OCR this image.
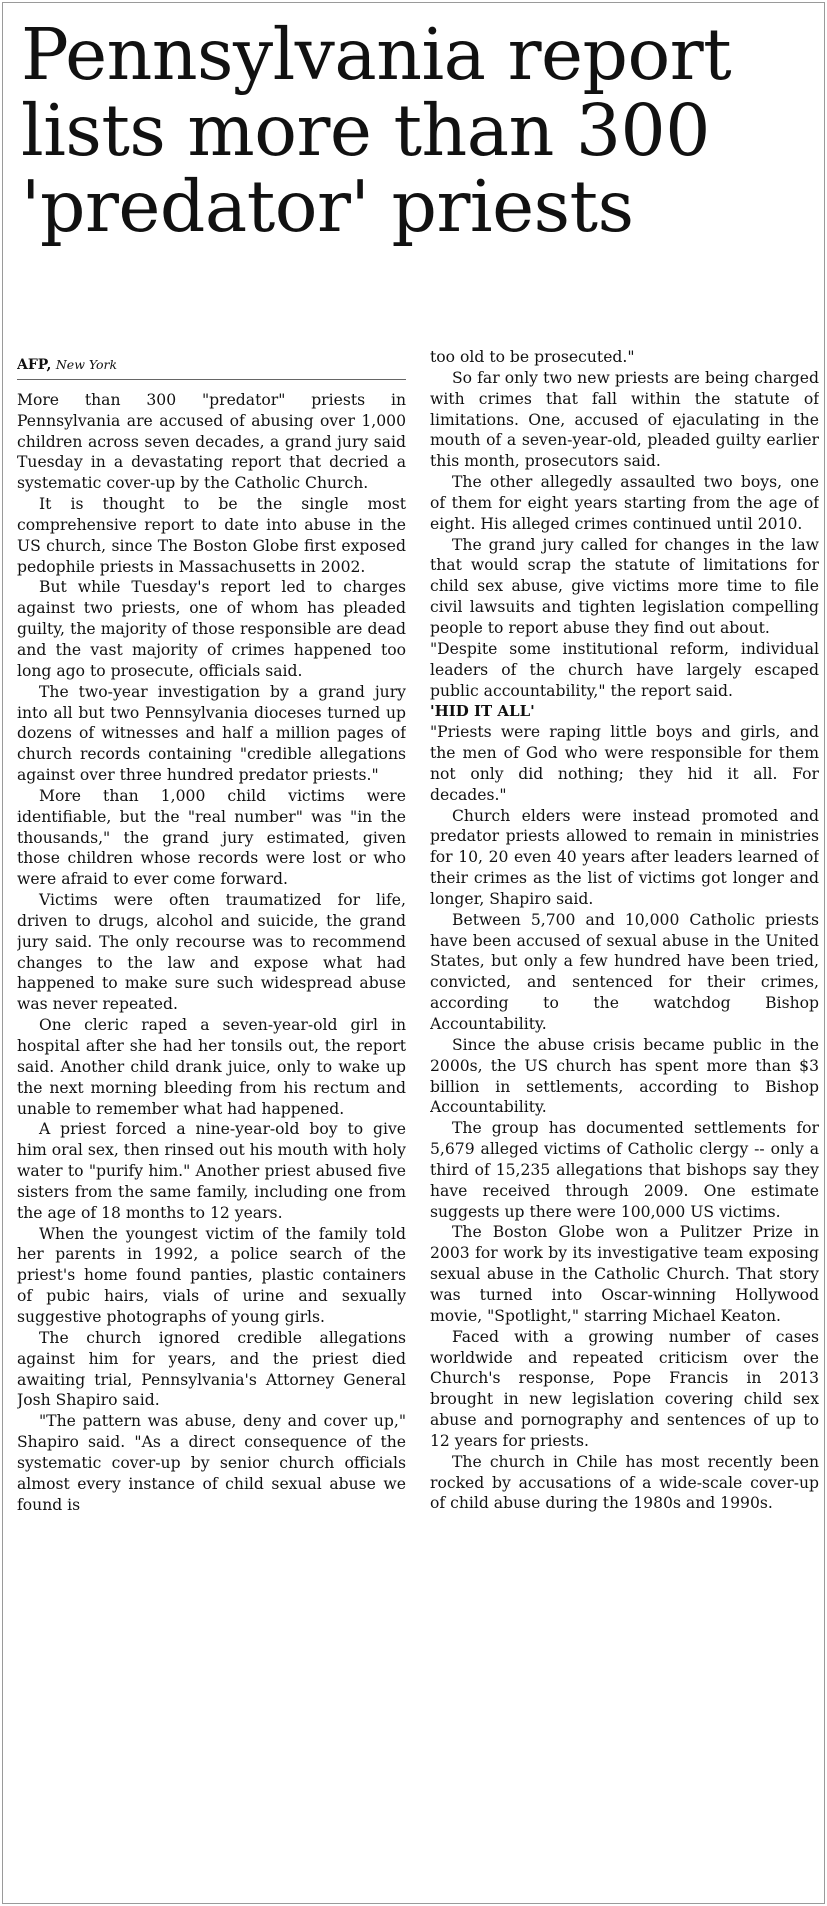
Pennsylvania report
lists more than 300
'predator' priests
AFP, New York

More than 300 "predator" priests in Pennsylvania are accused of abusing over 1,000 children across seven decades, a grand jury said Tuesday in a devastating report that decried a systematic cover-up by the Catholic Church.

It is thought to be the single most comprehensive report to date into abuse in the US church, since The Boston Globe first exposed pedophile priests in Massachusetts in 2002.

But while Tuesday's report led to charges against two priests, one of whom has pleaded guilty, the majority of those responsible are dead and the vast majority of crimes happened too long ago to prosecute, officials said.

The two-year investigation by a grand jury into all but two Pennsylvania dioceses turned up dozens of witnesses and half a million pages of church records containing "credible allegations against over three hundred predator priests."

More than 1,000 child victims were identifiable, but the "real number" was "in the thousands," the grand jury estimated, given those children whose records were lost or who were afraid to ever come forward.

Victims were often traumatized for life, driven to drugs, alcohol and suicide, the grand jury said. The only recourse was to recommend changes to the law and expose what had happened to make sure such widespread abuse was never repeated.

One cleric raped a seven-year-old girl in hospital after she had her tonsils out, the report said. Another child drank juice, only to wake up the next morning bleeding from his rectum and unable to remember what had happened.

A priest forced a nine-year-old boy to give him oral sex, then rinsed out his mouth with holy water to "purify him." Another priest abused five sisters from the same family, including one from the age of 18 months to 12 years.

When the youngest victim of the family told her parents in 1992, a police search of the priest's home found panties, plastic containers of pubic hairs, vials of urine and sexually suggestive photographs of young girls.

The church ignored credible allegations against him for years, and the priest died awaiting trial, Pennsylvania's Attorney General Josh Shapiro said.

"The pattern was abuse, deny and cover up," Shapiro said. "As a direct consequence of the systematic cover-up by senior church officials almost every instance of child sexual abuse we found is

too old to be prosecuted."

So far only two new priests are being charged with crimes that fall within the statute of limitations. One, accused of ejaculating in the mouth of a seven-year-old, pleaded guilty earlier this month, prosecutors said.

The other allegedly assaulted two boys, one of them for eight years starting from the age of eight. His alleged crimes continued until 2010.

The grand jury called for changes in the law that would scrap the statute of limitations for child sex abuse, give victims more time to file civil lawsuits and tighten legislation compelling people to report abuse they find out about.

"Despite some institutional reform, individual leaders of the church have largely escaped public accountability," the report said.

'HID IT ALL'

"Priests were raping little boys and girls, and the men of God who were responsible for them not only did nothing; they hid it all. For decades."

Church elders were instead promoted and predator priests allowed to remain in ministries for 10, 20 even 40 years after leaders learned of their crimes as the list of victims got longer and longer, Shapiro said.

Between 5,700 and 10,000 Catholic priests have been accused of sexual abuse in the United States, but only a few hundred have been tried, convicted, and sentenced for their crimes, according to the watchdog Bishop Accountability.

Since the abuse crisis became public in the 2000s, the US church has spent more than $3 billion in settlements, according to Bishop Accountability.

The group has documented settlements for 5,679 alleged victims of Catholic clergy -- only a third of 15,235 allegations that bishops say they have received through 2009. One estimate suggests up there were 100,000 US victims.

The Boston Globe won a Pulitzer Prize in 2003 for work by its investigative team exposing sexual abuse in the Catholic Church. That story was turned into Oscar-winning Hollywood movie, "Spotlight," starring Michael Keaton.

Faced with a growing number of cases worldwide and repeated criticism over the Church's response, Pope Francis in 2013 brought in new legislation covering child sex abuse and pornography and sentences of up to 12 years for priests.

The church in Chile has most recently been rocked by accusations of a wide-scale cover-up of child abuse during the 1980s and 1990s.
